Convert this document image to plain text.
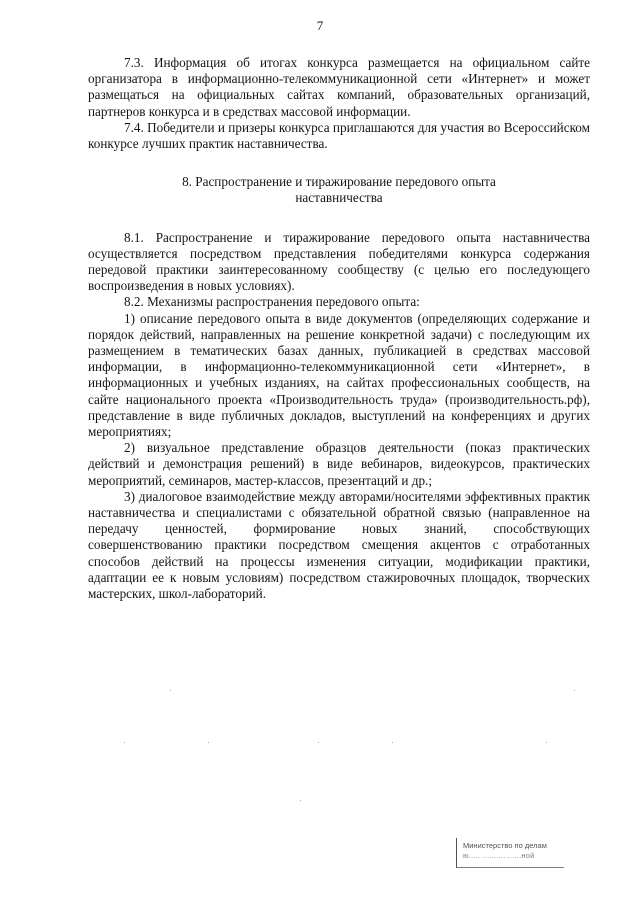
7

7.3. Информация об итогах конкурса размещается на официальном сайте организатора в информационно-телекоммуникационной сети «Интернет» и может размещаться на официальных сайтах компаний, образовательных организаций, партнеров конкурса и в средствах массовой информации.

7.4. Победители и призеры конкурса приглашаются для участия во Всероссийском конкурсе лучших практик наставничества.

8. Распространение и тиражирование передового опыта наставничества

8.1. Распространение и тиражирование передового опыта наставничества осуществляется посредством представления победителями конкурса содержания передовой практики заинтересованному сообществу (с целью его последующего воспроизведения в новых условиях).

8.2. Механизмы распространения передового опыта:

1) описание передового опыта в виде документов (определяющих содержание и порядок действий, направленных на решение конкретной задачи) с последующим их размещением в тематических базах данных, публикацией в средствах массовой информации, в информационно-телекоммуникационной сети «Интернет», в информационных и учебных изданиях, на сайтах профессиональных сообществ, на сайте национального проекта «Производительность труда» (производительность.рф), представление в виде публичных докладов, выступлений на конференциях и других мероприятиях;

2) визуальное представление образцов деятельности (показ практических действий и демонстрация решений) в виде вебинаров, видеокурсов, практических мероприятий, семинаров, мастер-классов, презентаций и др.;

3) диалоговое взаимодействие между авторами/носителями эффективных практик наставничества и специалистами с обязательной обратной связью (направленное на передачу ценностей, формирование новых знаний, способствующих совершенствованию практики посредством смещения акцентов с отработанных способов действий на процессы изменения ситуации, модификации практики, адаптации ее к новым условиям) посредством стажировочных площадок, творческих мастерских, школ-лабораторий.

Министерство по делам
ю..... .......... ......ной
